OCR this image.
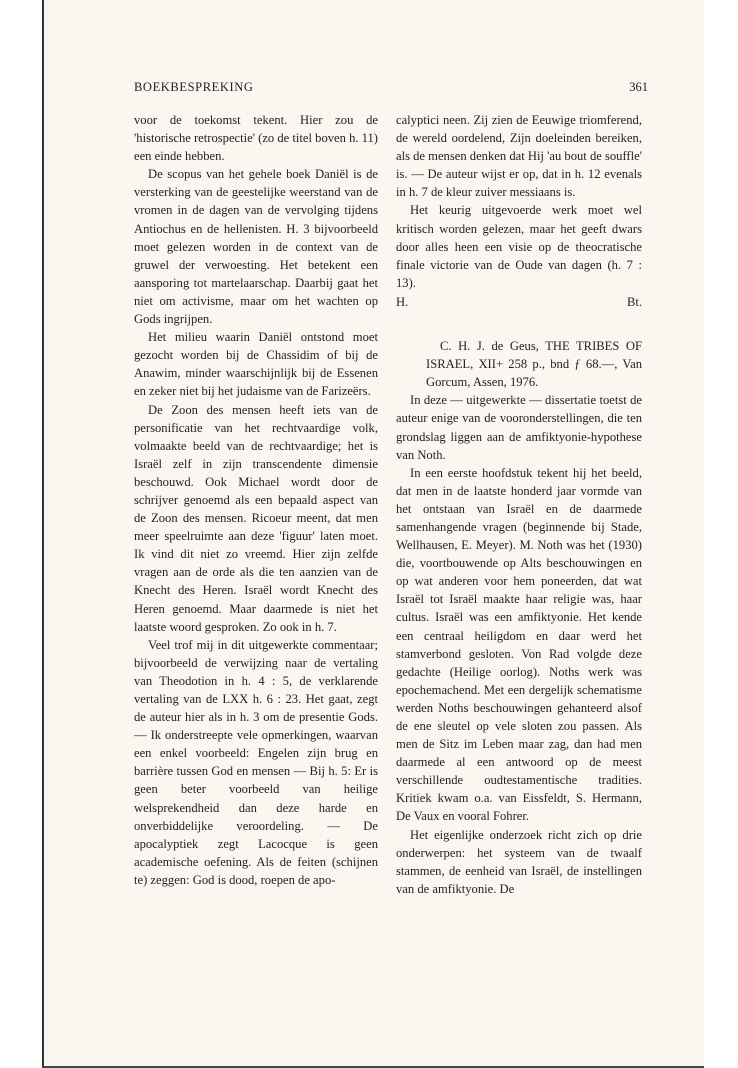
BOEKBESPREKING	361

voor de toekomst tekent. Hier zou de 'historische retrospectie' (zo de titel boven h. 11) een einde hebben.

De scopus van het gehele boek Daniël is de versterking van de geestelijke weerstand van de vromen in de dagen van de vervolging tijdens Antiochus en de hellenisten. H. 3 bijvoorbeeld moet gelezen worden in de context van de gruwel der verwoesting. Het betekent een aansporing tot martelaarschap. Daarbij gaat het niet om activisme, maar om het wachten op Gods ingrijpen.

Het milieu waarin Daniël ontstond moet gezocht worden bij de Chassidim of bij de Anawim, minder waarschijnlijk bij de Essenen en zeker niet bij het judaisme van de Farizeërs.

De Zoon des mensen heeft iets van de personificatie van het rechtvaardige volk, volmaakte beeld van de rechtvaardige; het is Israël zelf in zijn transcendente dimensie beschouwd. Ook Michael wordt door de schrijver genoemd als een bepaald aspect van de Zoon des mensen. Ricoeur meent, dat men meer speelruimte aan deze 'figuur' laten moet. Ik vind dit niet zo vreemd. Hier zijn zelfde vragen aan de orde als die ten aanzien van de Knecht des Heren. Israël wordt Knecht des Heren genoemd. Maar daarmede is niet het laatste woord gesproken. Zo ook in h. 7.

Veel trof mij in dit uitgewerkte commentaar; bijvoorbeeld de verwijzing naar de vertaling van Theodotion in h. 4 : 5, de verklarende vertaling van de LXX h. 6 : 23. Het gaat, zegt de auteur hier als in h. 3 om de presentie Gods. — Ik onderstreepte vele opmerkingen, waarvan een enkel voorbeeld: Engelen zijn brug en barrière tussen God en mensen — Bij h. 5: Er is geen beter voorbeeld van heilige welsprekendheid dan deze harde en onverbiddelijke veroordeling. — De apocalyptiek zegt Lacocque is geen academische oefening. Als de feiten (schijnen te) zeggen: God is dood, roepen de apo-

calyptici neen. Zij zien de Eeuwige triomferend, de wereld oordelend, Zijn doeleinden bereiken, als de mensen denken dat Hij 'au bout de souffle' is. — De auteur wijst er op, dat in h. 12 evenals in h. 7 de kleur zuiver messiaans is.

Het keurig uitgevoerde werk moet wel kritisch worden gelezen, maar het geeft dwars door alles heen een visie op de theocratische finale victorie van de Oude van dagen (h. 7 : 13).

H.	Bt.

C. H. J. de Geus, THE TRIBES OF ISRAEL, XII+ 258 p., bnd ƒ 68.—, Van Gorcum, Assen, 1976.

In deze — uitgewerkte — dissertatie toetst de auteur enige van de vooronderstellingen, die ten grondslag liggen aan de amfiktyonie-hypothese van Noth.

In een eerste hoofdstuk tekent hij het beeld, dat men in de laatste honderd jaar vormde van het ontstaan van Israël en de daarmede samenhangende vragen (beginnende bij Stade, Wellhausen, E. Meyer). M. Noth was het (1930) die, voortbouwende op Alts beschouwingen en op wat anderen voor hem poneerden, dat wat Israël tot Israël maakte haar religie was, haar cultus. Israël was een amfiktyonie. Het kende een centraal heiligdom en daar werd het stamverbond gesloten. Von Rad volgde deze gedachte (Heilige oorlog). Noths werk was epochemachend. Met een dergelijk schematisme werden Noths beschouwingen gehanteerd alsof de ene sleutel op vele sloten zou passen. Als men de Sitz im Leben maar zag, dan had men daarmede al een antwoord op de meest verschillende oudtestamentische tradities. Kritiek kwam o.a. van Eissfeldt, S. Hermann, De Vaux en vooral Fohrer.

Het eigenlijke onderzoek richt zich op drie onderwerpen: het systeem van de twaalf stammen, de eenheid van Israël, de instellingen van de amfiktyonie. De
